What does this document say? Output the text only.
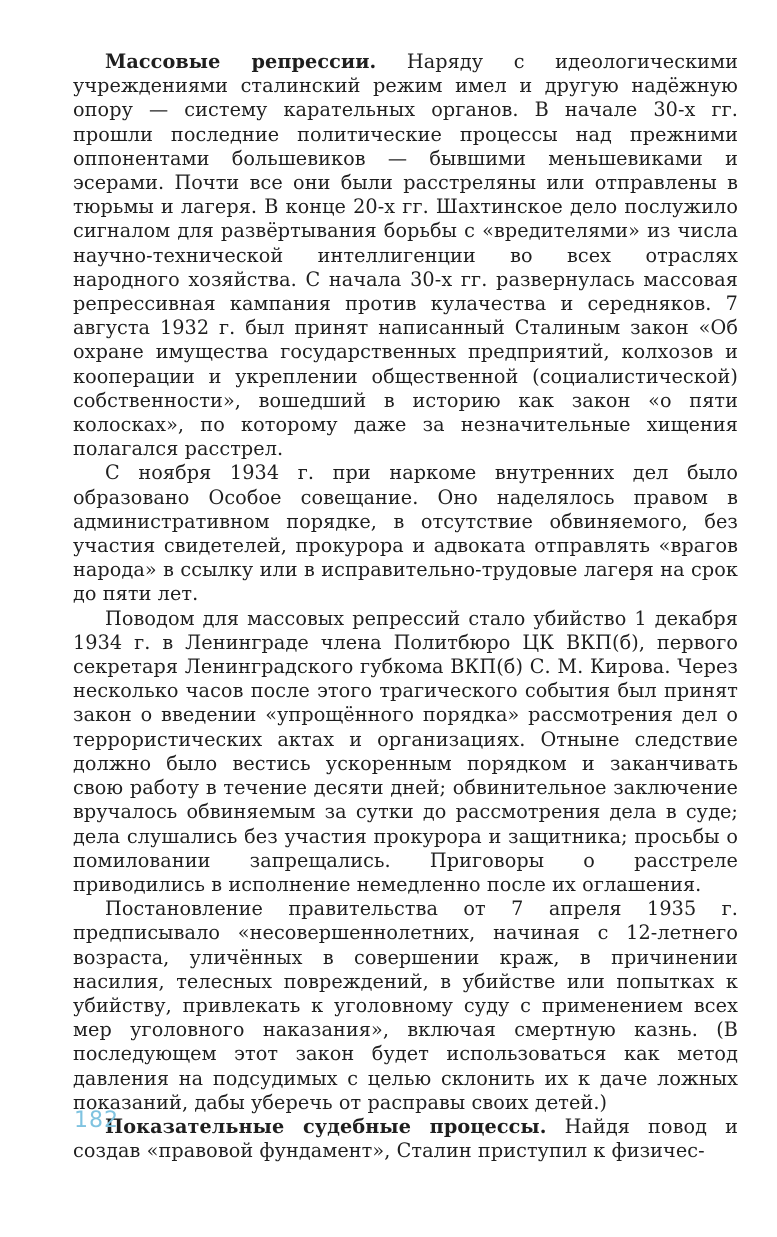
Массовые репрессии. Наряду с идеологическими учреждениями сталинский режим имел и другую надёжную опору — систему карательных органов. В начале 30-х гг. прошли последние политические процессы над прежними оппонентами большевиков — бывшими меньшевиками и эсерами. Почти все они были расстреляны или отправлены в тюрьмы и лагеря. В конце 20-х гг. Шахтинское дело послужило сигналом для развёртывания борьбы с «вредителями» из числа научно-технической интеллигенции во всех отраслях народного хозяйства. С начала 30-х гг. развернулась массовая репрессивная кампания против кулачества и середняков. 7 августа 1932 г. был принят написанный Сталиным закон «Об охране имущества государственных предприятий, колхозов и кооперации и укреплении общественной (социалистической) собственности», вошедший в историю как закон «о пяти колосках», по которому даже за незначительные хищения полагался расстрел.

С ноября 1934 г. при наркоме внутренних дел было образовано Особое совещание. Оно наделялось правом в административном порядке, в отсутствие обвиняемого, без участия свидетелей, прокурора и адвоката отправлять «врагов народа» в ссылку или в исправительно-трудовые лагеря на срок до пяти лет.

Поводом для массовых репрессий стало убийство 1 декабря 1934 г. в Ленинграде члена Политбюро ЦК ВКП(б), первого секретаря Ленинградского губкома ВКП(б) С. М. Кирова. Через несколько часов после этого трагического события был принят закон о введении «упрощённого порядка» рассмотрения дел о террористических актах и организациях. Отныне следствие должно было вестись ускоренным порядком и заканчивать свою работу в течение десяти дней; обвинительное заключение вручалось обвиняемым за сутки до рассмотрения дела в суде; дела слушались без участия прокурора и защитника; просьбы о помиловании запрещались. Приговоры о расстреле приводились в исполнение немедленно после их оглашения.

Постановление правительства от 7 апреля 1935 г. предписывало «несовершеннолетних, начиная с 12-летнего возраста, уличённых в совершении краж, в причинении насилия, телесных повреждений, в убийстве или попытках к убийству, привлекать к уголовному суду с применением всех мер уголовного наказания», включая смертную казнь. (В последующем этот закон будет использоваться как метод давления на подсудимых с целью склонить их к даче ложных показаний, дабы уберечь от расправы своих детей.)

Показательные судебные процессы. Найдя повод и создав «правовой фундамент», Сталин приступил к физичес-

182
